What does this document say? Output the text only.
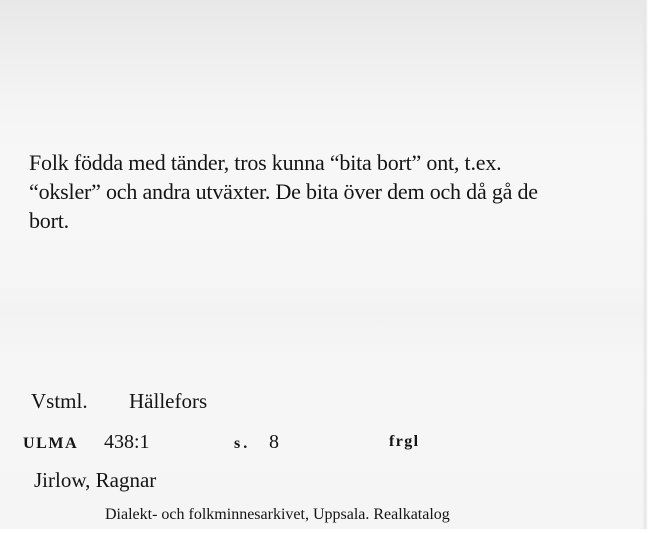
Folk födda med tänder, tros kunna “bita bort” ont, t.ex.
“oksler” och andra utväxter. De bita över dem och då gå de
bort.

Vstml. Hällefors
ULMA 438:1	s. 8	frgl
Jirlow, Ragnar
Dialekt- och folkminnesarkivet, Uppsala. Realkatalog
